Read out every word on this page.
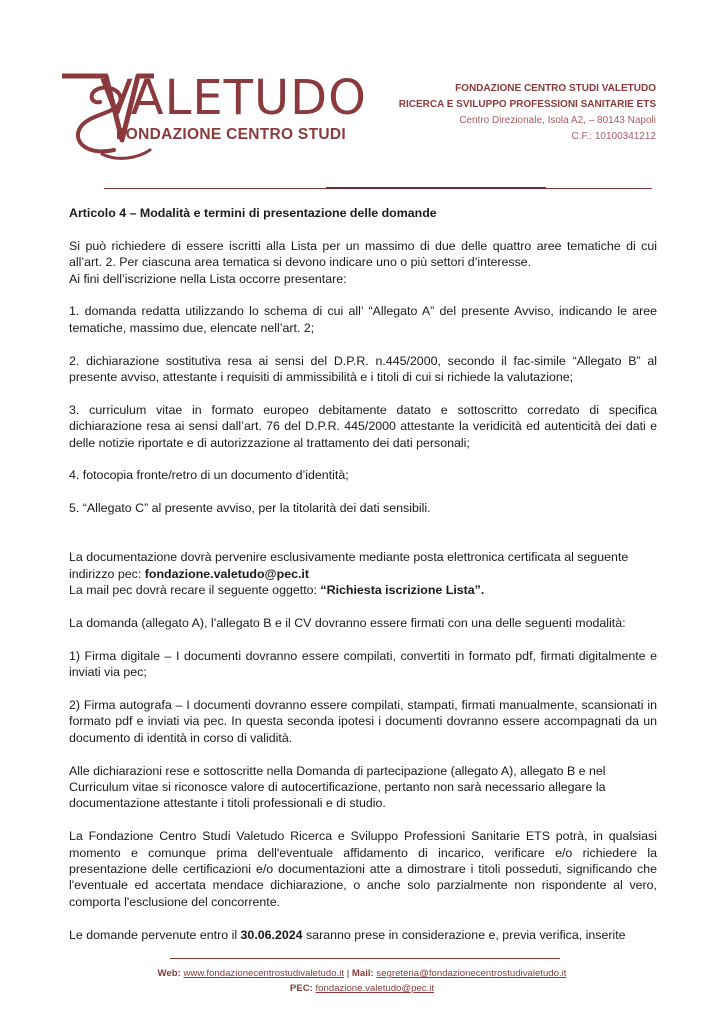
VALETUDO
FONDAZIONE CENTRO STUDI
FONDAZIONE CENTRO STUDI VALETUDO
RICERCA E SVILUPPO PROFESSIONI SANITARIE ETS
Centro Direzionale, Isola A2, – 80143 Napoli
C.F.: 10100341212

Articolo 4 – Modalità e termini di presentazione delle domande

Si può richiedere di essere iscritti alla Lista per un massimo di due delle quattro aree tematiche di cui all’art. 2. Per ciascuna area tematica si devono indicare uno o più settori d’interesse.

Ai fini dell’iscrizione nella Lista occorre presentare:

1. domanda redatta utilizzando lo schema di cui all’ “Allegato A” del presente Avviso, indicando le aree tematiche, massimo due, elencate nell’art. 2;

2. dichiarazione sostitutiva resa ai sensi del D.P.R. n.445/2000, secondo il fac-simile “Allegato B” al presente avviso, attestante i requisiti di ammissibilità e i titoli di cui si richiede la valutazione;

3. curriculum vitae in formato europeo debitamente datato e sottoscritto corredato di specifica dichiarazione resa ai sensi dall’art. 76 del D.P.R. 445/2000 attestante la veridicità ed autenticità dei dati e delle notizie riportate e di autorizzazione al trattamento dei dati personali;

4. fotocopia fronte/retro di un documento d’identità;

5. “Allegato C” al presente avviso, per la titolarità dei dati sensibili.

La documentazione dovrà pervenire esclusivamente mediante posta elettronica certificata al seguente indirizzo pec: fondazione.valetudo@pec.it

La mail pec dovrà recare il seguente oggetto: “Richiesta iscrizione Lista”.

La domanda (allegato A), l’allegato B e il CV dovranno essere firmati con una delle seguenti modalità:

1) Firma digitale – I documenti dovranno essere compilati, convertiti in formato pdf, firmati digitalmente e inviati via pec;

2) Firma autografa – I documenti dovranno essere compilati, stampati, firmati manualmente, scansionati in formato pdf e inviati via pec. In questa seconda ipotesi i documenti dovranno essere accompagnati da un documento di identità in corso di validità.

Alle dichiarazioni rese e sottoscritte nella Domanda di partecipazione (allegato A), allegato B e nel Curriculum vitae si riconosce valore di autocertificazione, pertanto non sarà necessario allegare la documentazione attestante i titoli professionali e di studio.

La Fondazione Centro Studi Valetudo Ricerca e Sviluppo Professioni Sanitarie ETS potrà, in qualsiasi momento e comunque prima dell'eventuale affidamento di incarico, verificare e/o richiedere la presentazione delle certificazioni e/o documentazioni atte a dimostrare i titoli posseduti, significando che l'eventuale ed accertata mendace dichiarazione, o anche solo parzialmente non rispondente al vero, comporta l'esclusione del concorrente.

Le domande pervenute entro il 30.06.2024 saranno prese in considerazione e, previa verifica, inserite

Web: www.fondazionecentrostudivaletudo.it | Mail: segreteria@fondazionecentrostudivaletudo.it
PEC: fondazione.valetudo@pec.it
